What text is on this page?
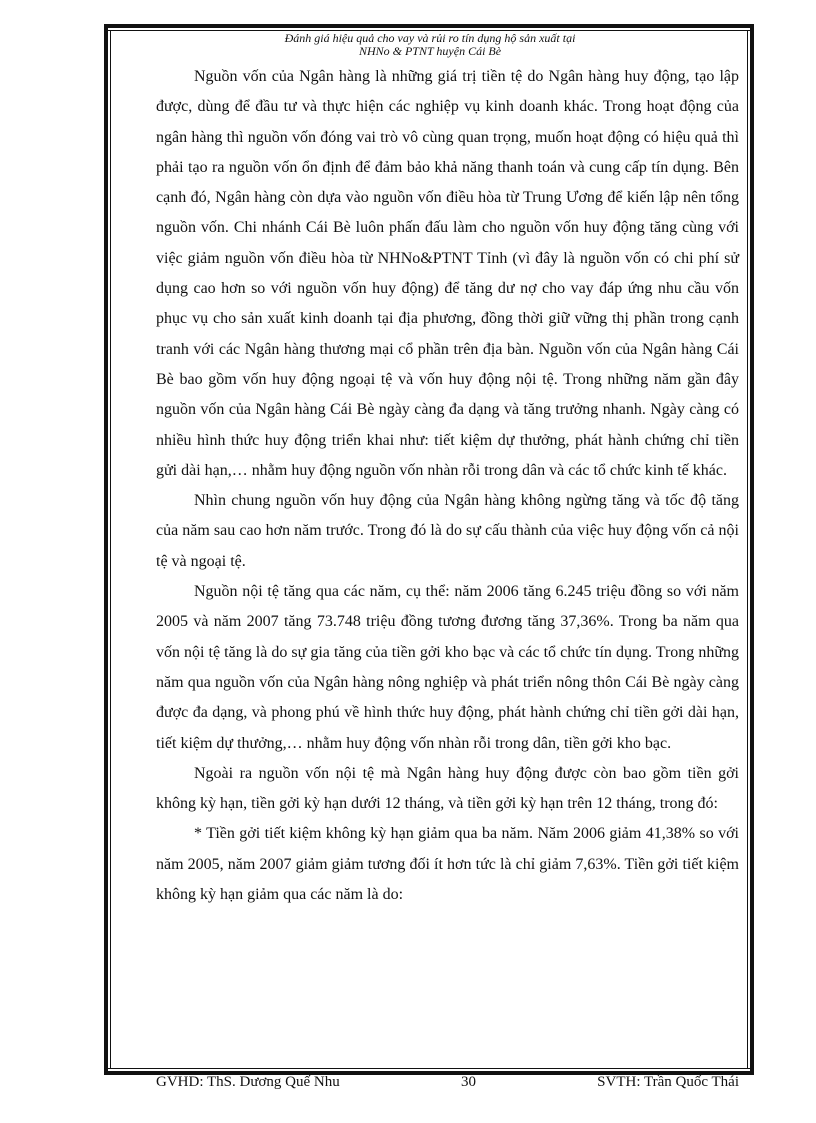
Đánh giá hiệu quả cho vay và rủi ro tín dụng hộ sản xuất tại
NHNo & PTNT huyện Cái Bè

Nguồn vốn của Ngân hàng là những giá trị tiền tệ do Ngân hàng huy động, tạo lập được, dùng để đầu tư và thực hiện các nghiệp vụ kinh doanh khác. Trong hoạt động của ngân hàng thì nguồn vốn đóng vai trò vô cùng quan trọng, muốn hoạt động có hiệu quả thì phải tạo ra nguồn vốn ổn định để đảm bảo khả năng thanh toán và cung cấp tín dụng. Bên cạnh đó, Ngân hàng còn dựa vào nguồn vốn điều hòa từ Trung Ương để kiến lập nên tổng nguồn vốn. Chi nhánh Cái Bè luôn phấn đấu làm cho nguồn vốn huy động tăng cùng với việc giảm nguồn vốn điều hòa từ NHNo&PTNT Tỉnh (vì đây là nguồn vốn có chi phí sử dụng cao hơn so với nguồn vốn huy động) để tăng dư nợ cho vay đáp ứng nhu cầu vốn phục vụ cho sản xuất kinh doanh tại địa phương, đồng thời giữ vững thị phần trong cạnh tranh với các Ngân hàng thương mại cổ phần trên địa bàn. Nguồn vốn của Ngân hàng Cái Bè bao gồm vốn huy động ngoại tệ và vốn huy động nội tệ. Trong những năm gần đây nguồn vốn của Ngân hàng Cái Bè ngày càng đa dạng và tăng trưởng nhanh. Ngày càng có nhiều hình thức huy động triển khai như: tiết kiệm dự thưởng, phát hành chứng chỉ tiền gửi dài hạn,… nhằm huy động nguồn vốn nhàn rỗi trong dân và các tổ chức kinh tế khác.

Nhìn chung nguồn vốn huy động của Ngân hàng không ngừng tăng và tốc độ tăng của năm sau cao hơn năm trước. Trong đó là do sự cấu thành của việc huy động vốn cả nội tệ và ngoại tệ.

Nguồn nội tệ tăng qua các năm, cụ thể: năm 2006 tăng 6.245 triệu đồng so với năm 2005 và năm 2007 tăng 73.748 triệu đồng tương đương tăng 37,36%. Trong ba năm qua vốn nội tệ tăng là do sự gia tăng của tiền gởi kho bạc và các tổ chức tín dụng. Trong những năm qua nguồn vốn của Ngân hàng nông nghiệp và phát triển nông thôn Cái Bè ngày càng được đa dạng, và phong phú về hình thức huy động, phát hành chứng chỉ tiền gởi dài hạn, tiết kiệm dự thưởng,… nhằm huy động vốn nhàn rỗi trong dân, tiền gởi kho bạc.

Ngoài ra nguồn vốn nội tệ mà Ngân hàng huy động được còn bao gồm tiền gởi không kỳ hạn, tiền gởi kỳ hạn dưới 12 tháng, và tiền gởi kỳ hạn trên 12 tháng, trong đó:

* Tiền gởi tiết kiệm không kỳ hạn giảm qua ba năm. Năm 2006 giảm 41,38% so với năm 2005, năm 2007 giảm giảm tương đối ít hơn tức là chỉ giảm 7,63%. Tiền gởi tiết kiệm không kỳ hạn giảm qua các năm là do:

GVHD: ThS. Dương Quế Nhu	30	SVTH: Trần Quốc Thái
